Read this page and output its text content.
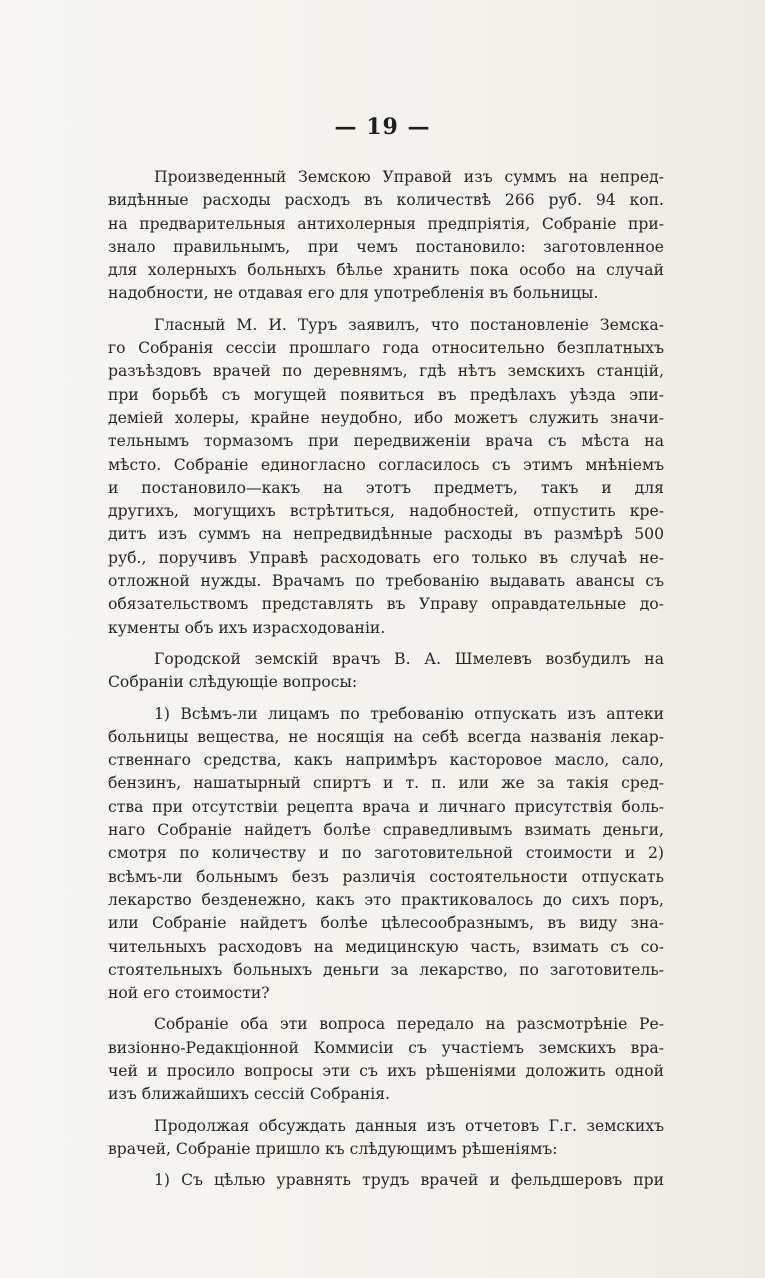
— 19 —

Произведенный Земскою Управой изъ суммъ на непред-
видѣнные расходы расходъ въ количествѣ 266 руб. 94 коп.
на предварительныя антихолерныя предпріятія, Собраніе при-
знало правильнымъ, при чемъ постановило: заготовленное
для холерныхъ больныхъ бѣлье хранить пока особо на случай
надобности, не отдавая его для употребленія въ больницы.

Гласный М. И. Туръ заявилъ, что постановленіе Земска-
го Собранія сессіи прошлаго года относительно безплатныхъ
разъѣздовъ врачей по деревнямъ, гдѣ нѣтъ земскихъ станцій,
при борьбѣ съ могущей появиться въ предѣлахъ уѣзда эпи-
деміей холеры, крайне неудобно, ибо можетъ служить значи-
тельнымъ тормазомъ при передвиженіи врача съ мѣста на
мѣсто. Собраніе единогласно согласилось съ этимъ мнѣніемъ
и постановило—какъ на этотъ предметъ, такъ и для
другихъ, могущихъ встрѣтиться, надобностей, отпустить кре-
дитъ изъ суммъ на непредвидѣнные расходы въ размѣрѣ 500
руб., поручивъ Управѣ расходовать его только въ случаѣ не-
отложной нужды. Врачамъ по требованію выдавать авансы съ
обязательствомъ представлять въ Управу оправдательные до-
кументы объ ихъ израсходованіи.

Городской земскій врачъ В. А. Шмелевъ возбудилъ на
Собраніи слѣдующіе вопросы:

1) Всѣмъ-ли лицамъ по требованію отпускать изъ аптеки
больницы вещества, не носящія на себѣ всегда названія лекар-
ственнаго средства, какъ напримѣръ касторовое масло, сало,
бензинъ, нашатырный спиртъ и т. п. или же за такія сред-
ства при отсутствіи рецепта врача и личнаго присутствія боль-
наго Собраніе найдетъ болѣе справедливымъ взимать деньги,
смотря по количеству и по заготовительной стоимости и 2)
всѣмъ-ли больнымъ безъ различія состоятельности отпускать
лекарство безденежно, какъ это практиковалось до сихъ поръ,
или Собраніе найдетъ болѣе цѣлесообразнымъ, въ виду зна-
чительныхъ расходовъ на медицинскую часть, взимать съ со-
стоятельныхъ больныхъ деньги за лекарство, по заготовитель-
ной его стоимости?

Собраніе оба эти вопроса передало на разсмотрѣніе Ре-
визіонно-Редакціонной Коммисіи съ участіемъ земскихъ вра-
чей и просило вопросы эти съ ихъ рѣшеніями доложить одной
изъ ближайшихъ сессій Собранія.

Продолжая обсуждать данныя изъ отчетовъ Г.г. земскихъ
врачей, Собраніе пришло къ слѣдующимъ рѣшеніямъ:

1) Съ цѣлью уравнять трудъ врачей и фельдшеровъ при
